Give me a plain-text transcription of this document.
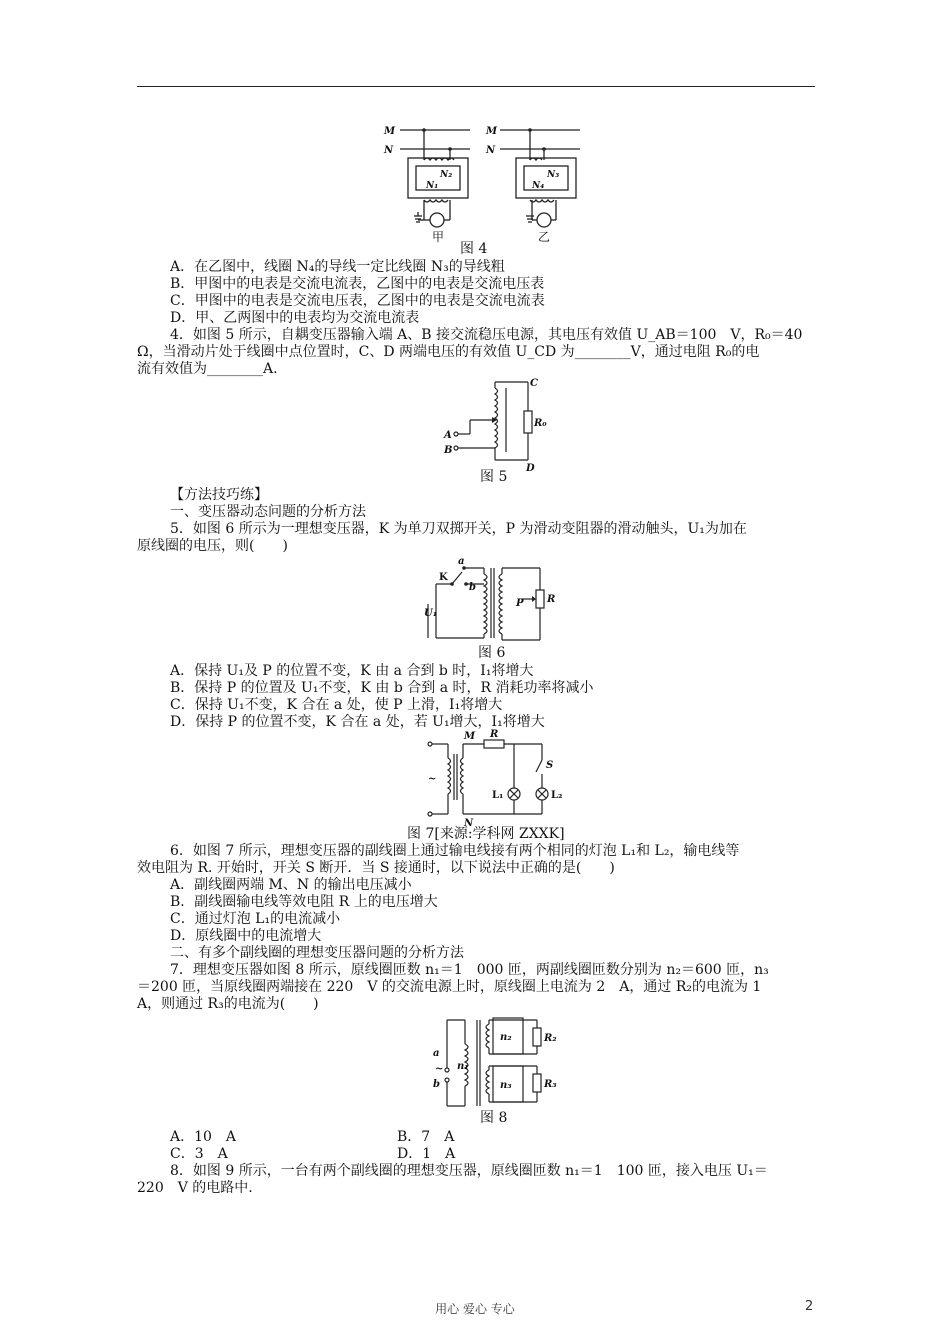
M
N
M
N
N₂
N₁
N₃
N₄
甲	乙
图 4
A．在乙图中，线圈 N₄的导线一定比线圈 N₃的导线粗
B．甲图中的电表是交流电流表，乙图中的电表是交流电压表
C．甲图中的电表是交流电压表，乙图中的电表是交流电流表
D．甲、乙两图中的电表均为交流电流表
4．如图 5 所示，自耦变压器输入端 A、B 接交流稳压电源，其电压有效值 U_AB＝100　V，R₀＝40
Ω，当滑动片处于线圈中点位置时，C、D 两端电压的有效值 U_CD 为________V，通过电阻 R₀的电
流有效值为________A.
C
A
B
R₀
D
图 5
【方法技巧练】
一、变压器动态问题的分析方法
5．如图 6 所示为一理想变压器，K 为单刀双掷开关，P 为滑动变阻器的滑动触头，U₁为加在
原线圈的电压，则(　　)
a
b
K
U₁
P R
图 6
A．保持 U₁及 P 的位置不变，K 由 a 合到 b 时，I₁将增大
B．保持 P 的位置及 U₁不变，K 由 b 合到 a 时，R 消耗功率将减小
C．保持 U₁不变，K 合在 a 处，使 P 上滑，I₁将增大
D．保持 P 的位置不变，K 合在 a 处，若 U₁增大，I₁将增大
M R
S
L₁	L₂
N
~
图 7[来源:学科网 ZXXK]
6．如图 7 所示，理想变压器的副线圈上通过输电线接有两个相同的灯泡 L₁和 L₂，输电线等
效电阻为 R. 开始时，开关 S 断开．当 S 接通时，以下说法中正确的是(　　)
A．副线圈两端 M、N 的输出电压减小
B．副线圈输电线等效电阻 R 上的电压增大
C．通过灯泡 L₁的电流减小
D．原线圈中的电流增大
二、有多个副线圈的理想变压器问题的分析方法
7．理想变压器如图 8 所示，原线圈匝数 n₁＝1　000 匝，两副线圈匝数分别为 n₂＝600 匝，n₃
＝200 匝，当原线圈两端接在 220　V 的交流电源上时，原线圈上电流为 2　A，通过 R₂的电流为 1
A，则通过 R₃的电流为(　　)
a
~
b
n₁
n₂
n₃
R₂
R₃
图 8
A．10　A	B．7　A
C．3　A	D．1　A
8．如图 9 所示，一台有两个副线圈的理想变压器，原线圈匝数 n₁＝1　100 匝，接入电压 U₁＝
220　V 的电路中.
用心 爱心 专心	2
